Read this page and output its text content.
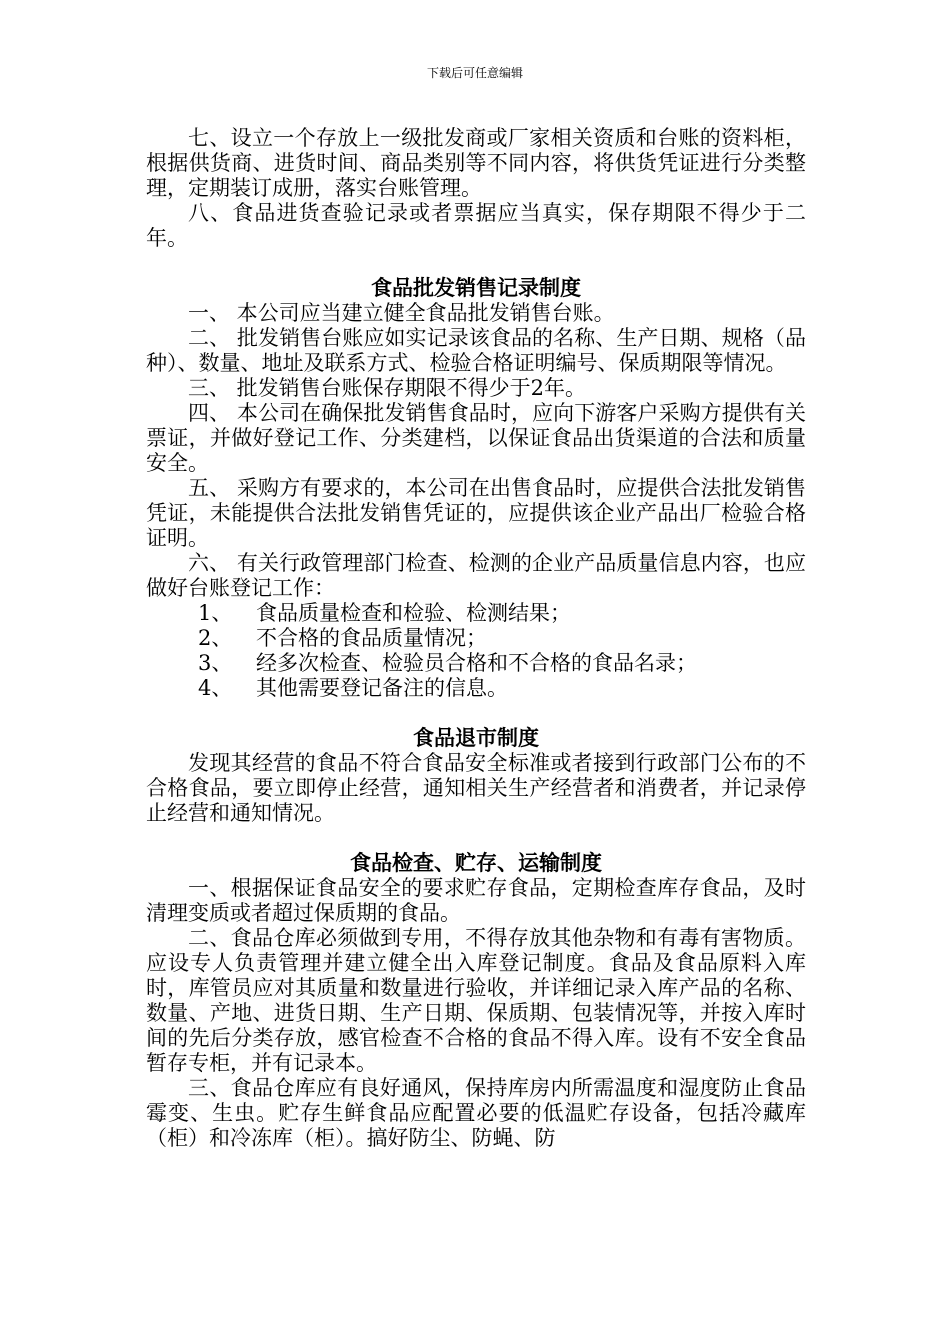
下载后可任意编辑

七、设立一个存放上一级批发商或厂家相关资质和台账的资料柜，根据供货商、进货时间、商品类别等不同内容，将供货凭证进行分类整理，定期装订成册，落实台账管理。

八、食品进货查验记录或者票据应当真实，保存期限不得少于二年。

食品批发销售记录制度

一、 本公司应当建立健全食品批发销售台账。

二、 批发销售台账应如实记录该食品的名称、生产日期、规格（品种）、数量、地址及联系方式、检验合格证明编号、保质期限等情况。

三、 批发销售台账保存期限不得少于2年。

四、 本公司在确保批发销售食品时，应向下游客户采购方提供有关票证，并做好登记工作、分类建档，以保证食品出货渠道的合法和质量安全。

五、 采购方有要求的，本公司在出售食品时，应提供合法批发销售凭证，未能提供合法批发销售凭证的，应提供该企业产品出厂检验合格证明。

六、 有关行政管理部门检查、检测的企业产品质量信息内容，也应做好台账登记工作：

1、 食品质量检查和检验、检测结果；
2、 不合格的食品质量情况；
3、 经多次检查、检验员合格和不合格的食品名录；
4、 其他需要登记备注的信息。
食品退市制度

发现其经营的食品不符合食品安全标准或者接到行政部门公布的不合格食品，要立即停止经营，通知相关生产经营者和消费者，并记录停止经营和通知情况。

食品检查、贮存、运输制度

一、根据保证食品安全的要求贮存食品，定期检查库存食品，及时清理变质或者超过保质期的食品。

二、食品仓库必须做到专用，不得存放其他杂物和有毒有害物质。应设专人负责管理并建立健全出入库登记制度。食品及食品原料入库时，库管员应对其质量和数量进行验收，并详细记录入库产品的名称、数量、产地、进货日期、生产日期、保质期、包装情况等，并按入库时间的先后分类存放，感官检查不合格的食品不得入库。设有不安全食品暂存专柜，并有记录本。

三、食品仓库应有良好通风，保持库房内所需温度和湿度防止食品霉变、生虫。贮存生鲜食品应配置必要的低温贮存设备，包括冷藏库（柜）和冷冻库（柜）。搞好防尘、防蝇、防
